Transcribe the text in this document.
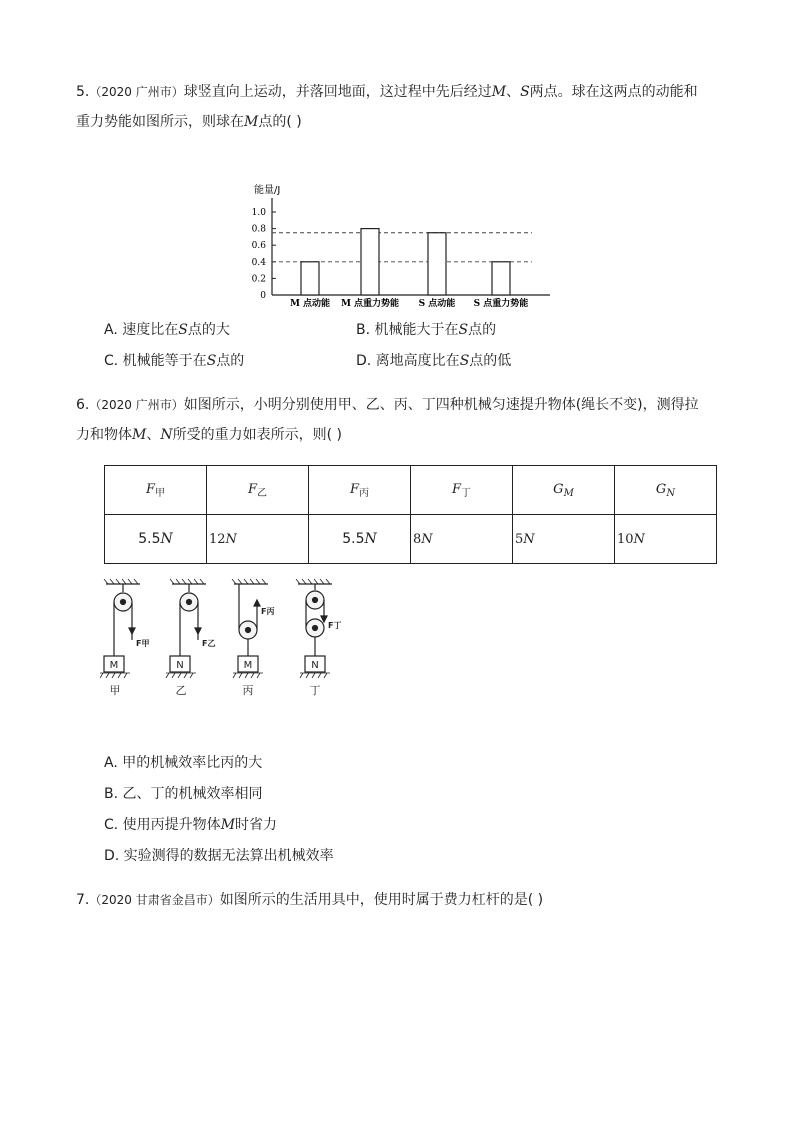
5.（2020 广州市）球竖直向上运动，并落回地面，这过程中先后经过M、S两点。球在这两点的动能和
重力势能如图所示，则球在M点的( )
能量/J
0
0.2
0.4
0.6
0.8
1.0
M 点动能 M 点重力势能 S 点动能 S 点重力势能
A. 速度比在S点的大	B. 机械能大于在S点的
C. 机械能等于在S点的	D. 离地高度比在S点的低
6.（2020 广州市）如图所示，小明分别使用甲、乙、丙、丁四种机械匀速提升物体(绳长不变)，测得拉
力和物体M、N所受的重力如表所示，则( )
$F_甲$	$F_乙$	$F_丙$	$F_丁$	$G_M$	$G_N$
5.5N	12N	5.5N	8N	5N	10N
F甲	F乙
F丙
F丁
M	N	M	N
甲	乙	丙	丁
A. 甲的机械效率比丙的大
B. 乙、丁的机械效率相同
C. 使用丙提升物体M时省力
D. 实验测得的数据无法算出机械效率
7.（2020 甘肃省金昌市）如图所示的生活用具中，使用时属于费力杠杆的是( )
